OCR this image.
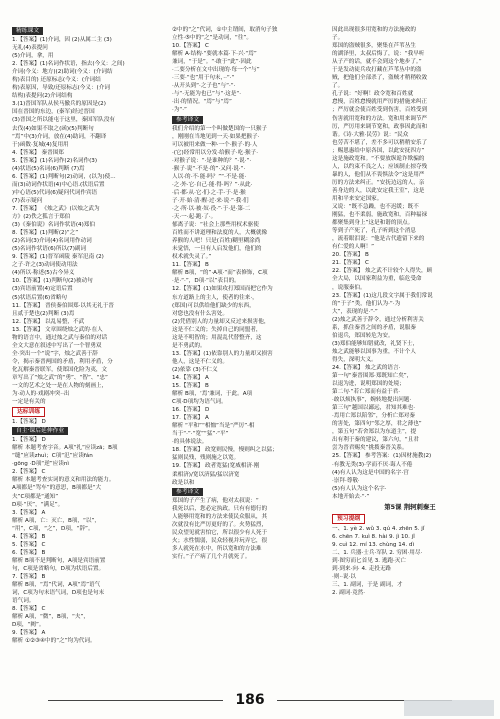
精练课文
1.【答案】(1)介词，因 (2)从属二主 (3)
无礼(4)表提问
(5)介词，拿，用
2.【答案】(1)名词作状语，指去(今义：之间)
介词(今义：地方)(2)助词(今义：(介词结
构)表目的) 还原标志(今义：(介词结
构)表原因，导致/还原标志(今义：(介词
结构)表提问(2)介词结构
3.(1)晋国军队从侯马撤兵的原因是(2)
国在晋国的东边，(秦军)经过晋国
(3)晋国之所以能屯于这里，秦国军队没有
去伐(4)如果不取之(函)(5)判断句
“焉”中(3)介词，放在(4)助词，不翻译
于)函数·复城(4)复用用
4.【答案】 秦晋围郑
5.【答案】(1)名词作(2)名词作(3)
(4)状语(5)名词(6)判断 (7)焉
6.【答案】(1)判断句(2)动词，(以为)使...
而(3)动词作状语(4)中心语.(状语后置
)中心语(5)代词(6)疑问代词作宾语
(7)表示疑问
7.【答案】 《烛之武》(以烛之武为
方》(2)佚之狐言于郑伯
(3)《秦伯说》名词作状语(4)郑伯
8.【答案】(1)判断(2)“之”
(2)名词(3)介词(4)名词用作动词
(5)名词作状语(6)所以(7)副词
9.【答案】(1)晋军函陵 秦军氾南 (2)
之子·许之(3)动词使动用法
(4)所以·称述(5)古今异义
10.【答案】(1)判断句(2)被动句
(3)宾语前置(4)定语后置
(5)状语后置(6)省略句
11.【答案】 晋侯秦伯围郑·以其无礼于晋
且贰于楚也(2)判断 (3)焉
12.【答案】 以乱易整，不武
13.【答案】 文章围绕烛之武的·在人
物的语言中，通过烛之武与秦伯的对话
全文大意在叙述中写出了一个智勇双
全·突出一个“说”字，烛之武善于辞
令，揭示秦晋两国的矛盾，利用矛盾，分
化瓦解秦晋联军，使郑国化险为夷，文
章写出了“烛之武”的“勇”、“智”、“忠”
一文的艺术之处一是在人物的刻画上，
为·动人的·戏剧冲突··出
一定是有关的
达标训练
1.【答案】 D
自主·课后延伸作业
1.【答案】 D
解析 本题考查字音。A项“扎”应读zā；B项
“缒”应读zhuì；C项“氾”应读fán
·gōng ·D项“逆”应读nì
2.【答案】 C
解析 本题考查实词的意义和用法的能力。
A项都是“驾车”的意思，B项都是“大
夫”C项都是“通知”
D项·“厌”，“满足”。
3.【答案】 A
解析 A项，亡：灭亡，B项，“以”，
“用”，C项，“之”，D项，“辞”。
4.【答案】 B
5.【答案】 C
6.【答案】 B
解析 B项不是判断句，A项是宾语前置
句，C项是省略句，D项为状语后置。
7.【答案】 B
解析 B项，“焉”代词，A项“焉”语气
词，C项为句末语气词，D项也是句末
语气词。
8.【答案】 C
解析 A项，“微”，B项，“夫”，
D项，“阙”。
9.【答案】 A
解析 ①②③④中的“之”均为代词。
②中的“之”代词，①中主谓间，取消句子独
立性·⑤中的“之”是动词，“往”。
10.【答案】 C
解析 A·结构·“要就本篇·下·兴·“焉”
兼词，“于是”。“·敢于“此”·因此
·二要分析在文中出现的·每一个“与”
·三要·“也”用于句末，··“·“
·从开头到“·之子也”与“·“·
·与“·无能为也已”与“·这是“·
·出·的情况。“焉”与“焉”
·为“·”
参考译文
我们介绍的第一个叫做楚国的一只猴子
，刚刚在当地见到一天·如果把猴子·
可以被用来做一种·一个·猴子·的·人
·(它)经常用以分发·给猴子·吃·猴子·
·对猴子说：“·是谁种的？”·说·“·
·猴子·说“·不是·的”·又问·说·“·
人以·的·不·能·吗？”“·不是·能·
·之·外·它·自己·能·得·吗？”·从此·
·后·都·从·它·们·之·手·于·是·猴
子·开·始·清·醒·过·来·说·“·我·们
·之·所·以·被·奴·役·”·于·是·第·二
·天·一·起·跑·了·。
郁离子说：“社会上那些用权术驱使
百姓而不讲道理和法度的人，大概就像
养猴的人吧！只是(百姓)糊里糊涂尚
未觉悟，一旦有人启发他们，他们的
权术就失灵了。”
11.【答案】 B
解析 B项，“的”·A项·“而”表修饰，C项
·是·“·”，D项·“以”表目的。
12.【答案】(1)如果攻打郑国而把它作为
东方道路上的主人，使者的往来·，
(郑国)可以供给他们缺少的东西，
对您也没有什么害处。
(2)凭借别人的力量却又反过来损害他，
这是不仁义的；失掉自己的同盟者，
这是不明智的；用混乱代替整齐，这
是不勇武的。
13.【答案】(1)依靠别人的力量却又损害
他人，这是不仁义的。
(2)依靠 (3)不仁义
14.【答案】 A
15.【答案】 B
解析 B项，‘焉’兼词，于此。A项
C项·D项均为语气词。
16.【答案】 D
17.【答案】 A
解析 “平和”“相恤”当是“严厉”·相
当于“·”·“宽”“猛”·“平”
·的具体说法。
18.【答案】 政宽则民慢，慢则纠之以猛；
猛则民残，残则施之以宽。
19.【答案】 政者宽猛(宽威相济·刚
柔相济)/宽以济猛/猛以济宽
政是以和
参考译文
郑国的子产生了病，他对太叔说：“
我死以后，您必定执政。只有有德行的
人能够用宽和的方法来使民众服从，其
次就没有比严厉更好的了。火势猛烈，
民众望见就害怕它，所以很少有人死于
火；水性懦弱，民众轻视并玩弄它，很
多人就死在水中，所以宽和的方法难
实行。”子产病了几个月就死了。
因此出现很多用宽和的方法施政的
子。
郑国的盗贼很多，聚集在芦苇丛生
的湖泽里，太叔后悔了，说：“我早听
从子产的话，就不会到这个地步了。”
于是发动徒兵攻打藏在芦苇丛中的盗
贼，把他们全部杀了，盗贼才稍稍收敛
了。
孔子说：“好啊！政令宽和百姓就
怠慢，百姓怠慢就用严厉的措施来纠正
；严厉就会使百姓受到伤害，百姓受到
伤害就用宽和的方法。宽和用来调节严
厉，严厉用来调节宽和，政事因此而和
谐。《诗·大雅·民劳》说：“民众
也劳苦不堪了，差不多可以稍稍安乐了
；赐恩惠给中原各国，以此安抚四方”
这是施政宽和。“不要放纵诡诈欺骗的
人，以约束不良之人；应该制止掠夺残
暴的人，他们从不畏惧法令”这是用严
厉的方法来纠正。“安抚边远的人，亲
善身边的人，以此安定我王室”，这是
用和平来安定国家。
又说：“既不急躁，也不迟缓；既不
刚猛，也不柔弱，施政宽和，百种福禄
都聚集到身上”这是和谐的顶点。
等到子产死了，孔子听到这个消息
，流着眼泪说：“他是古代遗留下来的
有仁爱的人啊！”
20.【答案】 B
21.【答案】 C
22.【答案】 烛之武不计较个人得失，顾
全大局，以国家利益为重，临危受命
，说服秦伯。
23.【答案】(1)这几段文字属于我们常说
的“于子”类，他们认为·“·为
大”，表现的是·“·”
(2)烛之武善于辞令，通过分析利害关
系，抓住秦晋之间的矛盾，说服秦
伯退兵，郑国转危为安。
(3)郑伯能够知错就改，礼贤下士，
烛之武能够以国事为重，不计个人
得失，深明大义。
24.【答案】 烛之武的语言·
第一句“秦晋围郑·郑既知亡矣”，
以退为进，说明郑国的处境；
第二句·“若亡郑而有益于君·
·敢以烦执事”，婉转地提出问题·
第三句“越国以鄙远，君知其难也·
·焉用亡郑以陪邻”，分析亡郑对秦
的害处，第四句“邻之厚，君之薄也”
，第五句“若舍郑以为东道主”，提
出有利于秦的建议，第六句，“且君
尝为晋君赐矣”挑拨秦晋关系。
25.【答案】 参考答案：(1)因材施教(2)
·有教无类(3)·学而不厌·诲人不倦
(4)有人认为这是中国的名字·宫
·崇拜·尊敬·
(5)有人认为这个名字·
本地开始去·“·”
第5课 荆轲刺秦王
预习提纲
一、1. yè 2. wǔ 3. qú 4. zhēn 5. jǐ
6. chēn 7. kuì 8. hài 9. jì 10. jǐ
9. cuì 12. mí 13. chùng 14. dì
二、1. 兵器·士兵·军队 2. 穷困·用尽·
到·图穷而匕首见 3. 逃跑·灭亡
到·到来·向· 4. 走投无路
·则··说·以
三、1. 副词，于是 副词，才
2. 副词·竟然·
186
